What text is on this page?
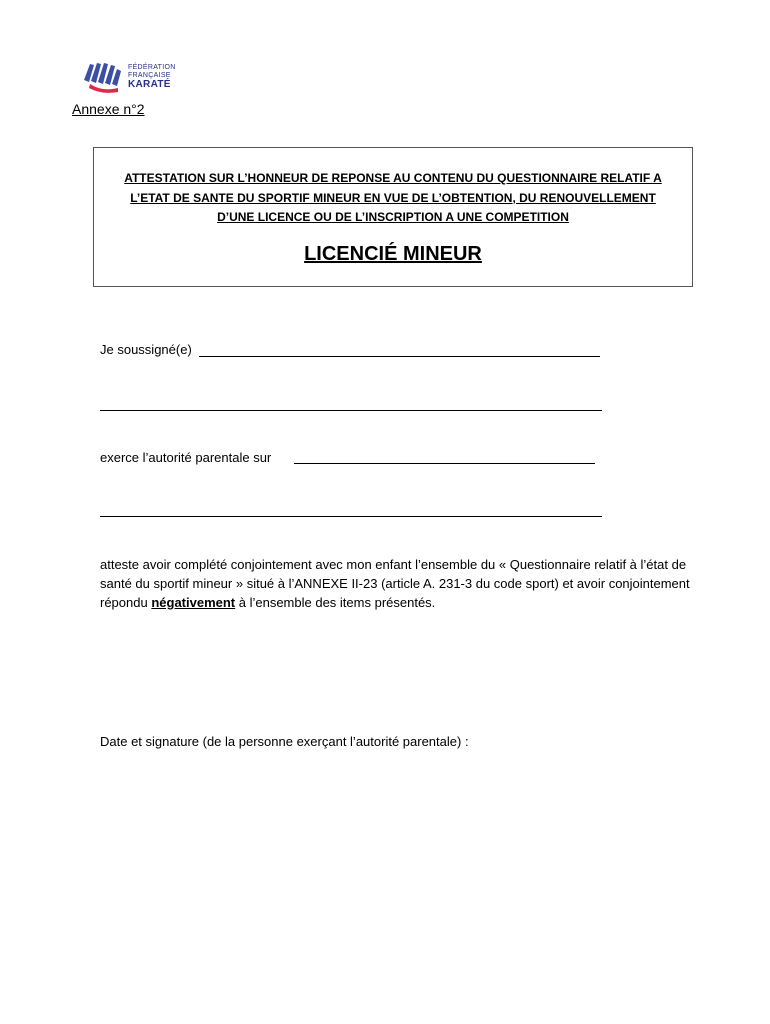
FÉDÉRATION
FRANÇAISE
KARATÉ
Annexe n°2
ATTESTATION SUR L’HONNEUR DE REPONSE AU CONTENU DU QUESTIONNAIRE RELATIF A
L’ETAT DE SANTE DU SPORTIF MINEUR EN VUE DE L’OBTENTION, DU RENOUVELLEMENT
D’UNE LICENCE OU DE L’INSCRIPTION A UNE COMPETITION
LICENCIÉ MINEUR
Je soussigné(e)
exerce l’autorité parentale sur
atteste avoir complété conjointement avec mon enfant l’ensemble du « Questionnaire relatif à l’état de santé du sportif mineur » situé à l’ANNEXE II-23 (article A. 231-3 du code sport) et avoir conjointement répondu négativement à l’ensemble des items présentés.
Date et signature (de la personne exerçant l’autorité parentale) :
